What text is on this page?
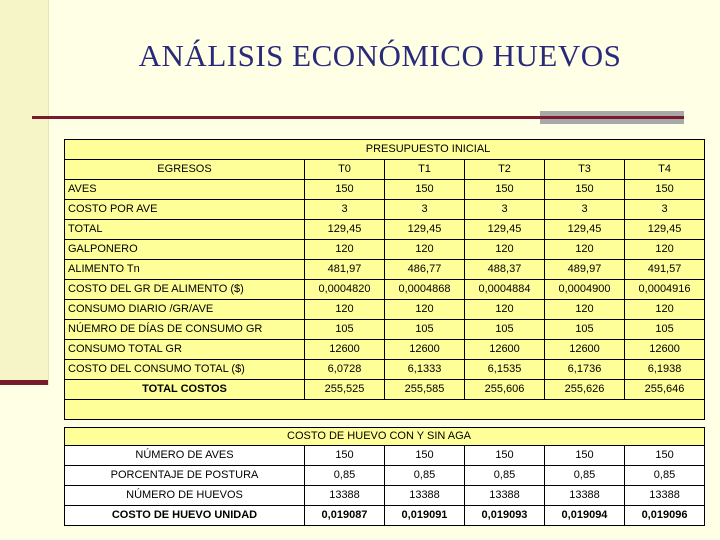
ANÁLISIS ECONÓMICO HUEVOS
PRESUPUESTO INICIAL					
EGRESOS	T0	T1	T2	T3	T4
AVES	150	150	150	150	150
COSTO POR AVE	3	3	3	3	3
TOTAL	129,45	129,45	129,45	129,45	129,45
GALPONERO	120	120	120	120	120
ALIMENTO Tn	481,97	486,77	488,37	489,97	491,57
COSTO DEL GR DE ALIMENTO ($)	0,0004820	0,0004868	0,0004884	0,0004900	0,0004916
CONSUMO DIARIO /GR/AVE	120	120	120	120	120
NÚEMRO DE DÍAS DE CONSUMO GR	105	105	105	105	105
CONSUMO TOTAL GR	12600	12600	12600	12600	12600
COSTO DEL CONSUMO TOTAL ($)	6,0728	6,1333	6,1535	6,1736	6,1938
TOTAL COSTOS	255,525	255,585	255,606	255,626	255,646

COSTO DE HUEVO CON Y SIN AGA					
NÚMERO DE AVES	150	150	150	150	150
PORCENTAJE DE POSTURA	0,85	0,85	0,85	0,85	0,85
NÚMERO DE HUEVOS	13388	13388	13388	13388	13388
COSTO DE HUEVO UNIDAD	0,019087	0,019091	0,019093	0,019094	0,019096
